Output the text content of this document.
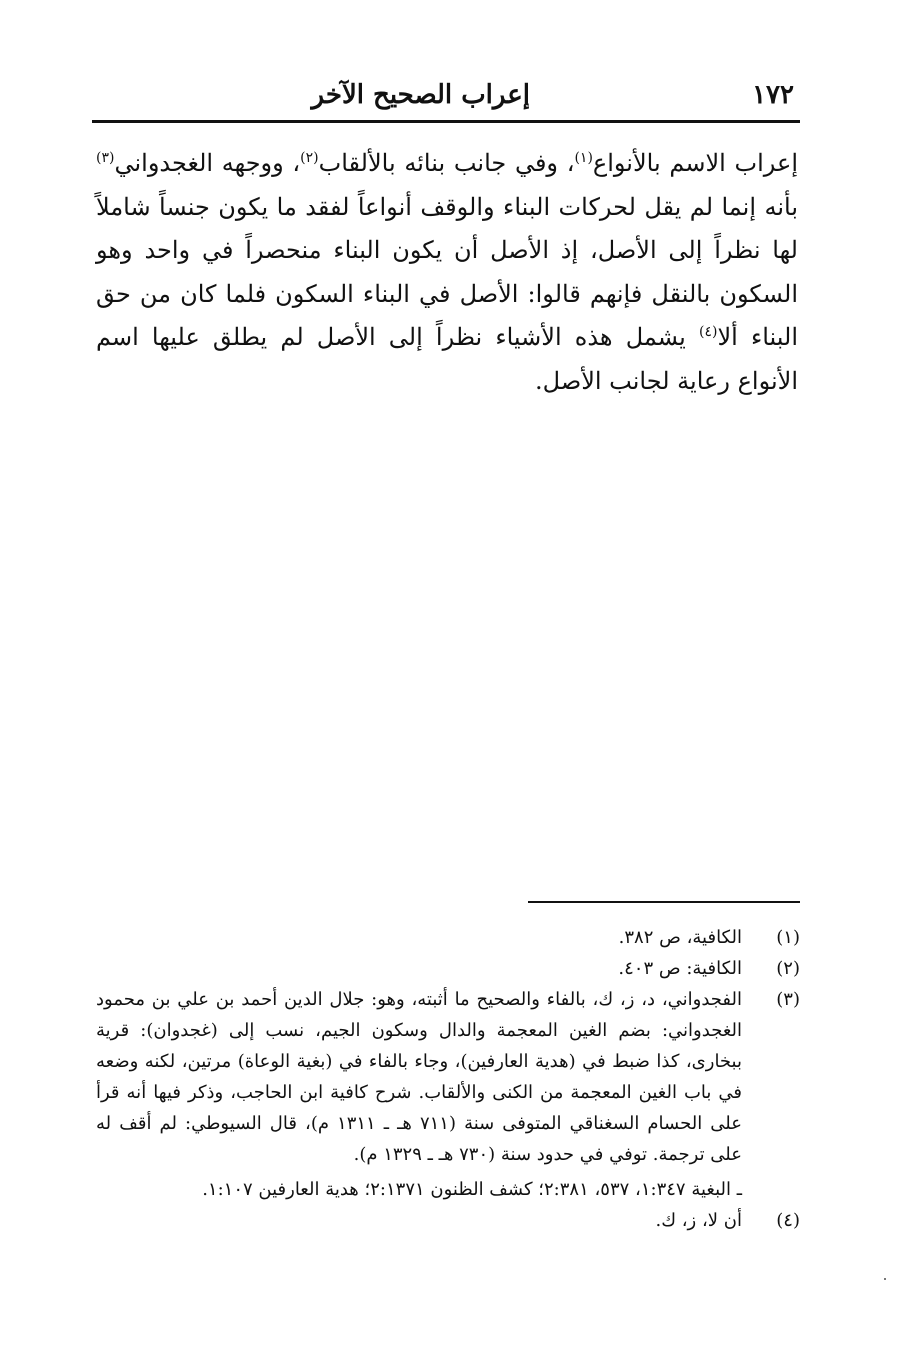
١٧٢
إعراب الصحيح الآخر

إعراب الاسم بالأنواع$^{(١)}$، وفي جانب بنائه بالألقاب$^{(٢)}$، ووجهه الغجدواني$^{(٣)}$ بأنه إنما لم يقل لحركات البناء والوقف أنواعاً لفقد ما يكون جنساً شاملاً لها نظراً إلى الأصل، إذ الأصل أن يكون البناء منحصراً في واحد وهو السكون بالنقل فإنهم قالوا: الأصل في البناء السكون فلما كان من حق البناء ألا$^{(٤)}$ يشمل هذه الأشياء نظراً إلى الأصل لم يطلق عليها اسم الأنواع رعاية لجانب الأصل.

(١)
الكافية، ص ٣٨٢.
(٢)
الكافية: ص ٤٠٣.
(٣)
الفجدواني، د، ز، ك، بالفاء والصحيح ما أثبته، وهو: جلال الدين أحمد بن علي بن محمود الغجدواني: بضم الغين المعجمة والدال وسكون الجيم، نسب إلى (غجدوان): قرية ببخارى، كذا ضبط في (هدية العارفين)، وجاء بالفاء في (بغية الوعاة) مرتين، لكنه وضعه في باب الغين المعجمة من الكنى والألقاب. شرح كافية ابن الحاجب، وذكر فيها أنه قرأ على الحسام السغناقي المتوفى سنة (٧١١ هـ ـ ١٣١١ م)، قال السيوطي: لم أقف له على ترجمة. توفي في حدود سنة (٧٣٠ هـ ـ ١٣٢٩ م).
ـ البغية ١:٣٤٧، ٥٣٧، ٢:٣٨١؛ كشف الظنون ٢:١٣٧١؛ هدية العارفين ١:١٠٧.
(٤)
أن لا، ز، ك.
